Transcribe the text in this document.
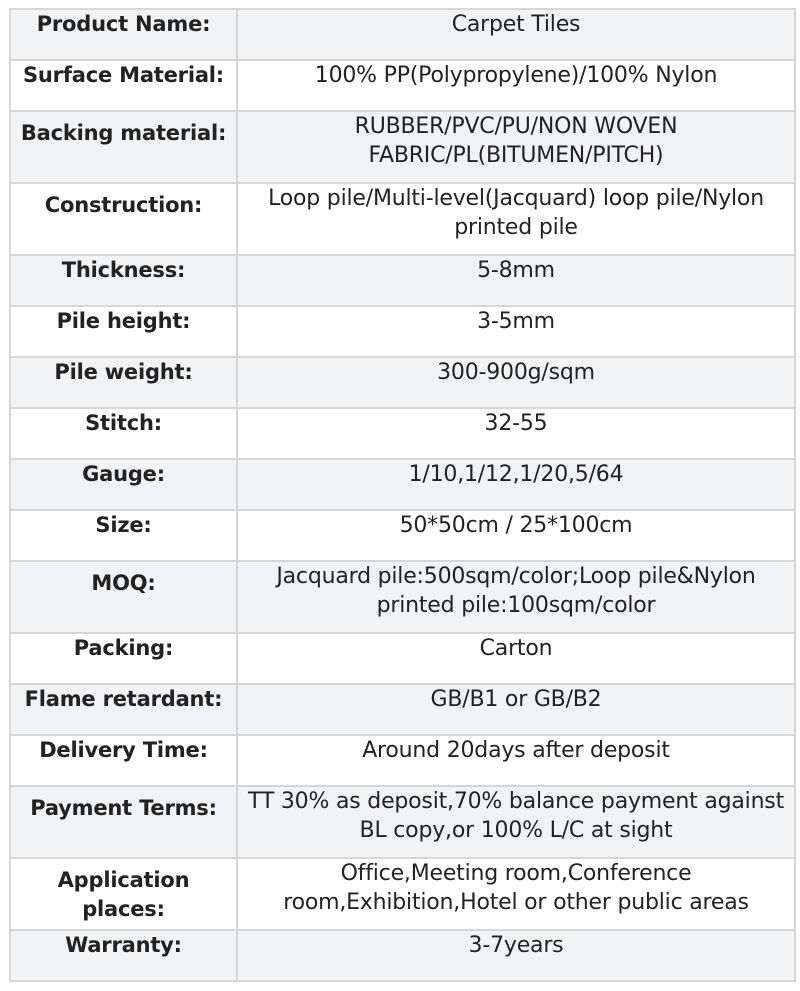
Product Name:	Carpet Tiles
Surface Material:	100% PP(Polypropylene)/100% Nylon
Backing material:	RUBBER/PVC/PU/NON WOVEN FABRIC/PL(BITUMEN/PITCH)
Construction:	Loop pile/Multi-level(Jacquard) loop pile/Nylon printed pile
Thickness:	5-8mm
Pile height:	3-5mm
Pile weight:	300-900g/sqm
Stitch:	32-55
Gauge:	1/10,1/12,1/20,5/64
Size:	50*50cm / 25*100cm
MOQ:	Jacquard pile:500sqm/color;Loop pile&Nylon printed pile:100sqm/color
Packing:	Carton
Flame retardant:	GB/B1 or GB/B2
Delivery Time:	Around 20days after deposit
Payment Terms:	TT 30% as deposit,70% balance payment against BL copy,or 100% L/C at sight
Application places:	Office,Meeting room,Conference room,Exhibition,Hotel or other public areas
Warranty:	3-7years
